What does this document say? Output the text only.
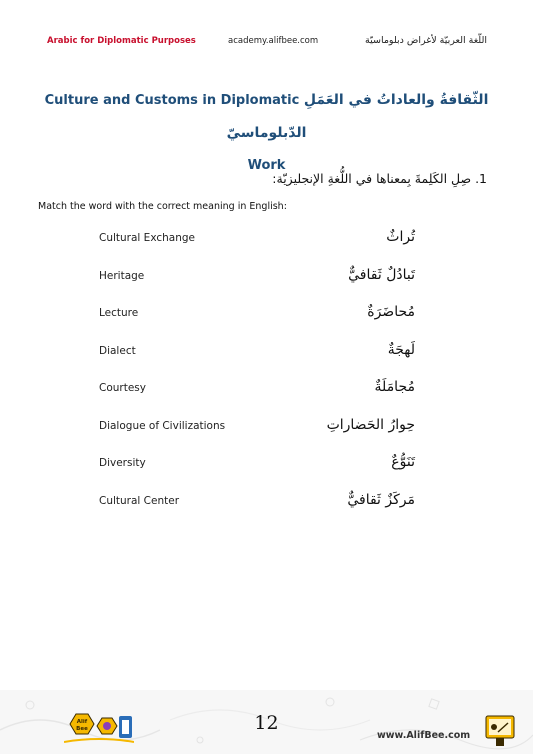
Arabic for Diplomatic Purposes	academy.alifbee.com	اللّغة العربيّة لأغراض دبلوماسيّة
Culture and Customs in Diplomatic الثّقافةُ والعاداتُ في العَمَلِ الدّبلوماسيّ
Work
1. صِلِ الكَلِمةَ بِمعناها في اللُّغةِ الإنجليزيّة:
Match the word with the correct meaning in English:
Cultural Exchange	تُراثٌ
Heritage	تَبادُلٌ ثَقافيٌّ
Lecture	مُحاضَرَةٌ
Dialect	لَهجَةٌ
Courtesy	مُجامَلَةٌ
Dialogue of Civilizations	حِوارُ الحَضاراتِ
Diversity	تَنَوُّعٌ
Cultural Center	مَركَزٌ ثَقافيٌّ
Alif
Bee	12
www.AlifBee.com
